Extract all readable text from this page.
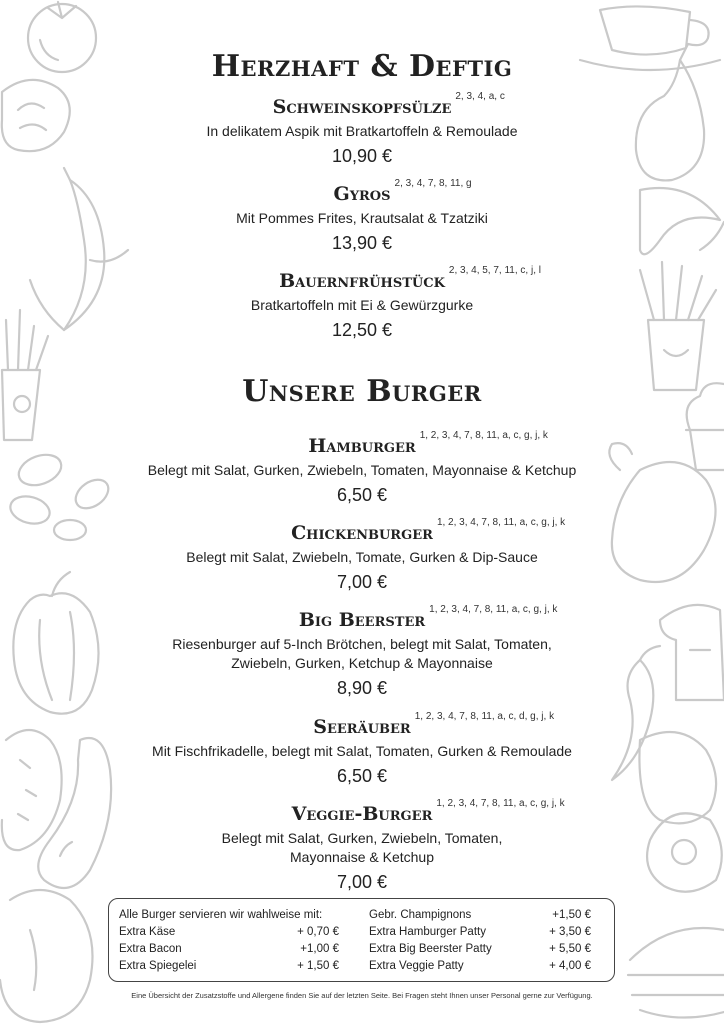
Herzhaft & Deftig
Schweinskopfsülze 2, 3, 4, a, c
In delikatem Aspik mit Bratkartoffeln & Remoulade
10,90 €
Gyros 2, 3, 4, 7, 8, 11, g
Mit Pommes Frites, Krautsalat & Tzatziki
13,90 €
Bauernfrühstück 2, 3, 4, 5, 7, 11, c, j, l
Bratkartoffeln mit Ei & Gewürzgurke
12,50 €
Unsere Burger
Hamburger 1, 2, 3, 4, 7, 8, 11, a, c, g, j, k
Belegt mit Salat, Gurken, Zwiebeln, Tomaten, Mayonnaise & Ketchup
6,50 €
Chickenburger 1, 2, 3, 4, 7, 8, 11, a, c, g, j, k
Belegt mit Salat, Zwiebeln, Tomate, Gurken & Dip-Sauce
7,00 €
Big Beerster 1, 2, 3, 4, 7, 8, 11, a, c, g, j, k
Riesenburger auf 5-Inch Brötchen, belegt mit Salat, Tomaten,
Zwiebeln, Gurken, Ketchup & Mayonnaise
8,90 €
Seeräuber 1, 2, 3, 4, 7, 8, 11, a, c, d, g, j, k
Mit Fischfrikadelle, belegt mit Salat, Tomaten, Gurken & Remoulade
6,50 €
Veggie-Burger 1, 2, 3, 4, 7, 8, 11, a, c, g, j, k
Belegt mit Salat, Gurken, Zwiebeln, Tomaten,
Mayonnaise & Ketchup
7,00 €
Alle Burger servieren wir wahlweise mit:
Extra Käse	+ 0,70 €
Extra Bacon	+1,00 €
Extra Spiegelei	+ 1,50 €
Gebr. Champignons	+1,50 €
Extra Hamburger Patty	+ 3,50 €
Extra Big Beerster Patty	+ 5,50 €
Extra Veggie Patty	+ 4,00 €
Eine Übersicht der Zusatzstoffe und Allergene finden Sie auf der letzten Seite. Bei Fragen steht Ihnen unser Personal gerne zur Verfügung.
